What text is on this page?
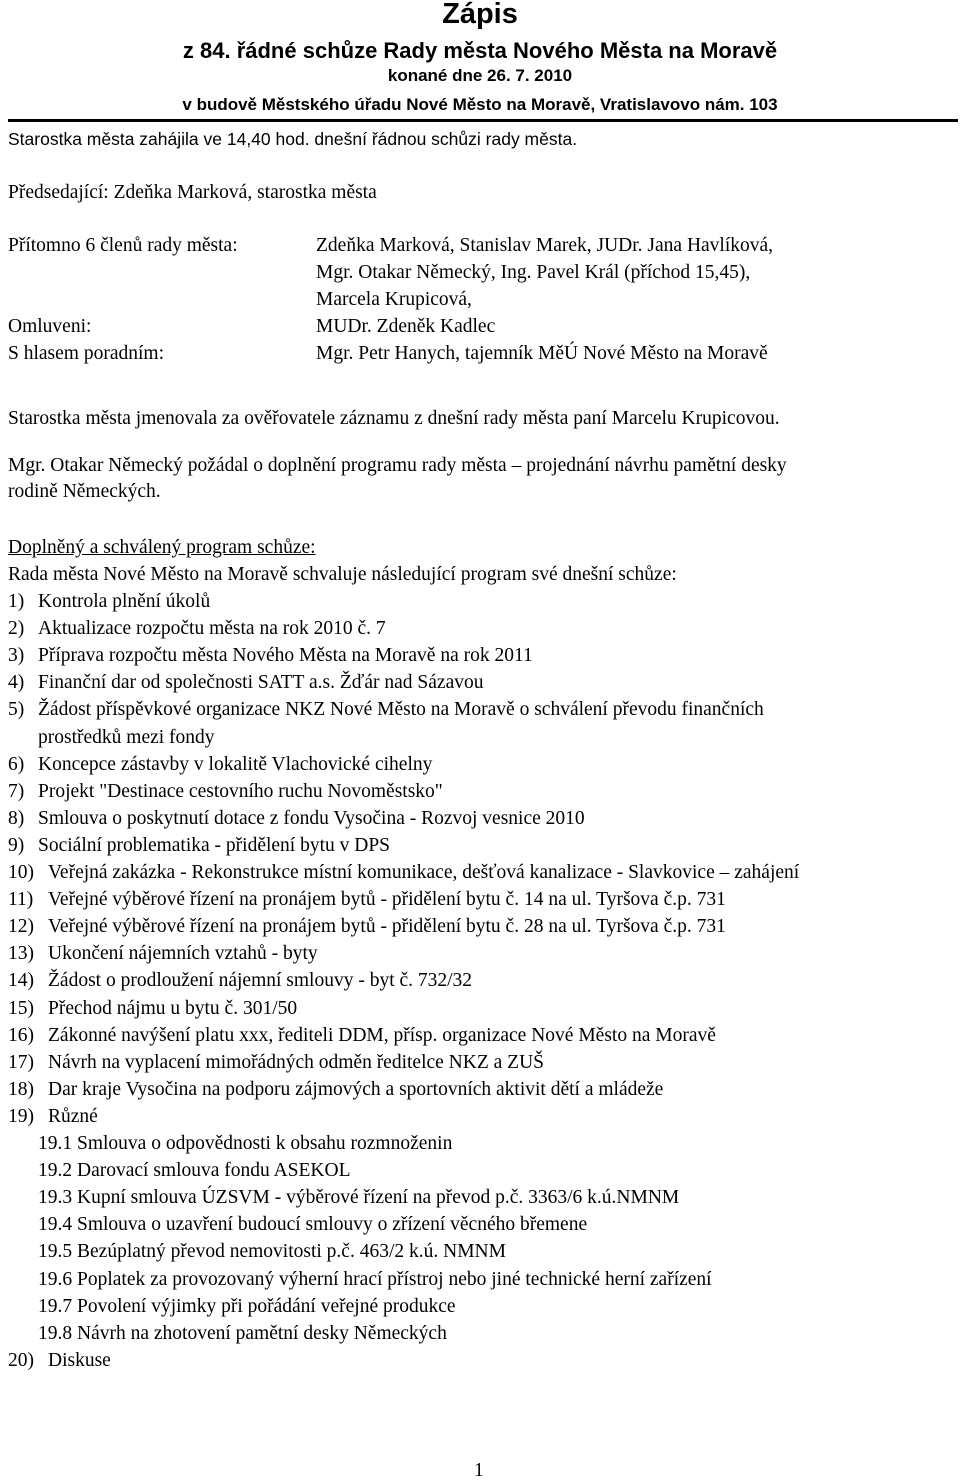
Zápis
z 84. řádné schůze Rady města Nového Města na Moravě
konané dne 26. 7. 2010
v budově Městského úřadu Nové Město na Moravě, Vratislavovo nám. 103
Starostka města zahájila ve 14,40 hod. dnešní řádnou schůzi rady města.
Předsedající: Zdeňka Marková, starostka města
Přítomno 6 členů rady města:	Zdeňka Marková, Stanislav Marek, JUDr. Jana Havlíková,
Mgr. Otakar Německý, Ing. Pavel Král (příchod 15,45),
Marcela Krupicová,
Omluveni:	MUDr. Zdeněk Kadlec
S hlasem poradním:	Mgr. Petr Hanych, tajemník MěÚ Nové Město na Moravě
Starostka města jmenovala za ověřovatele záznamu z dnešní rady města paní Marcelu Krupicovou.
Mgr. Otakar Německý požádal o doplnění programu rady města – projednání návrhu pamětní desky
rodině Německých.
Doplněný a schválený program schůze:
Rada města Nové Město na Moravě schvaluje následující program své dnešní schůze:
1) Kontrola plnění úkolů
2) Aktualizace rozpočtu města na rok 2010 č. 7
3) Příprava rozpočtu města Nového Města na Moravě na rok 2011
4) Finanční dar od společnosti SATT a.s. Žďár nad Sázavou
5) Žádost příspěvkové organizace NKZ Nové Město na Moravě o schválení převodu finančních
prostředků mezi fondy
6) Koncepce zástavby v lokalitě Vlachovické cihelny
7) Projekt "Destinace cestovního ruchu Novoměstsko"
8) Smlouva o poskytnutí dotace z fondu Vysočina - Rozvoj vesnice 2010
9) Sociální problematika - přidělení bytu v DPS
10) Veřejná zakázka - Rekonstrukce místní komunikace, dešťová kanalizace - Slavkovice – zahájení
11) Veřejné výběrové řízení na pronájem bytů - přidělení bytu č. 14 na ul. Tyršova č.p. 731
12) Veřejné výběrové řízení na pronájem bytů - přidělení bytu č. 28 na ul. Tyršova č.p. 731
13) Ukončení nájemních vztahů - byty
14) Žádost o prodloužení nájemní smlouvy - byt č. 732/32
15) Přechod nájmu u bytu č. 301/50
16) Zákonné navýšení platu xxx, řediteli DDM, přísp. organizace Nové Město na Moravě
17) Návrh na vyplacení mimořádných odměn ředitelce NKZ a ZUŠ
18) Dar kraje Vysočina na podporu zájmových a sportovních aktivit dětí a mládeže
19) Různé
19.1 Smlouva o odpovědnosti k obsahu rozmnoženin
19.2 Darovací smlouva fondu ASEKOL
19.3 Kupní smlouva ÚZSVM - výběrové řízení na převod p.č. 3363/6 k.ú.NMNM
19.4 Smlouva o uzavření budoucí smlouvy o zřízení věcného břemene
19.5 Bezúplatný převod nemovitosti p.č. 463/2 k.ú. NMNM
19.6 Poplatek za provozovaný výherní hrací přístroj nebo jiné technické herní zařízení
19.7 Povolení výjimky při pořádání veřejné produkce
19.8 Návrh na zhotovení pamětní desky Německých
20) Diskuse
1
